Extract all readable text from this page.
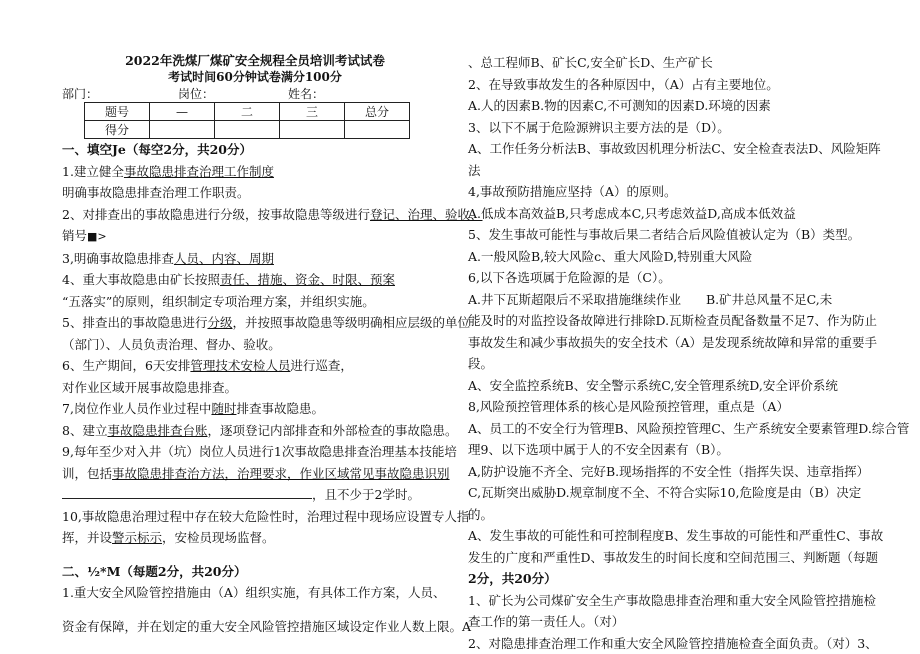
2022年洗煤厂煤矿安全规程全员培训考试试卷
考试时间60分钟试卷满分100分
部门：	岗位：	姓名：
题号	—	二	三	总分
得分				
一、填空Je（每空2分，共20分）
1.建立健全事故隐患排查治理工作制度
明确事故隐患排查治理工作职责。
2、对排查出的事故隐患进行分级，按事故隐患等级进行登记、治理、验收、
销号■>
3,明确事故隐患排查人员、内容、周期
4、重大事故隐患由矿长按照责任、措施、资金、时限、预案
“五落实”的原则，组织制定专项治理方案，并组织实施。
5、排查出的事故隐患进行分级，并按照事故隐患等级明确相应层级的单位
（部门）、人员负责治理、督办、验收。
6、生产期间，6天安排管理技术安检人员进行巡查，
对作业区域开展事故隐患排查。
7,岗位作业人员作业过程中随时排查事故隐患。
8、建立事故隐患排查台账，逐项登记内部排查和外部检查的事故隐患。
9,每年至少对入井（坑）岗位人员进行1次事故隐患排查治理基本技能培
训，包括事故隐患排查治方法，治理要求，作业区域常见事故隐患识别
，且不少于2学时。
10,事故隐患治理过程中存在较大危险性时，治理过程中现场应设置专人指
挥，并设警示标示，安检员现场监督。
二、½*M（每题2分，共20分）
1.重大安全风险管控措施由（A）组织实施，有具体工作方案，人员、
资金有保障，并在划定的重大安全风险管控措施区域设定作业人数上限。A
、总工程师B、矿长C,安全矿长D、生产矿长
2、在导致事故发生的各种原因中，（A）占有主要地位。
A.人的因素B.物的因素C,不可测知的因素D.环境的因素
3、以下不属于危险源辨识主要方法的是（D）。
A、工作任务分析法B、事故致因机理分析法C、安全检查表法D、风险矩阵
法
4,事故预防措施应坚持（A）的原则。
A.低成本高效益B,只考虑成本C,只考虑效益D,高成本低效益
5、发生事故可能性与事故后果二者结合后风险值被认定为（B）类型。
A.一般风险B,较大风险c、重大风险D,特别重大风险
6,以下各选项属于危险源的是（C）。
A.井下瓦斯超限后不采取措施继续作业　　B.矿井总风量不足C,未
能及时的对监控设备故障进行排除D.瓦斯检查员配备数量不足7、作为防止
事故发生和减少事故损失的安全技术（A）是发现系统故障和异常的重要手
段。
A、安全监控系统B、安全警示系统C,安全管理系统D,安全评价系统
8,风险预控管理体系的核心是风险预控管理，重点是（A）
A、员工的不安全行为管理B、风险预控管理C、生产系统安全要素管理D.综合管
理9、以下选项中属于人的不安全因素有（B）。
A,防护设施不齐全、完好B.现场指挥的不安全性（指挥失误、违章指挥）
C,瓦斯突出威胁D.规章制度不全、不符合实际10,危险度是由（B）决定
的。
A、发生事故的可能性和可控制程度B、发生事故的可能性和严重性C、事故
发生的广度和严重性D、事故发生的时间长度和空间范围三、判断题（每题
2分，共20分）
1、矿长为公司煤矿安全生产事故隐患排查治理和重大安全风险管控措施检
查工作的第一责任人。（对）
2、对隐患排查治理工作和重大安全风险管控措施检查全面负责。（对）3、
